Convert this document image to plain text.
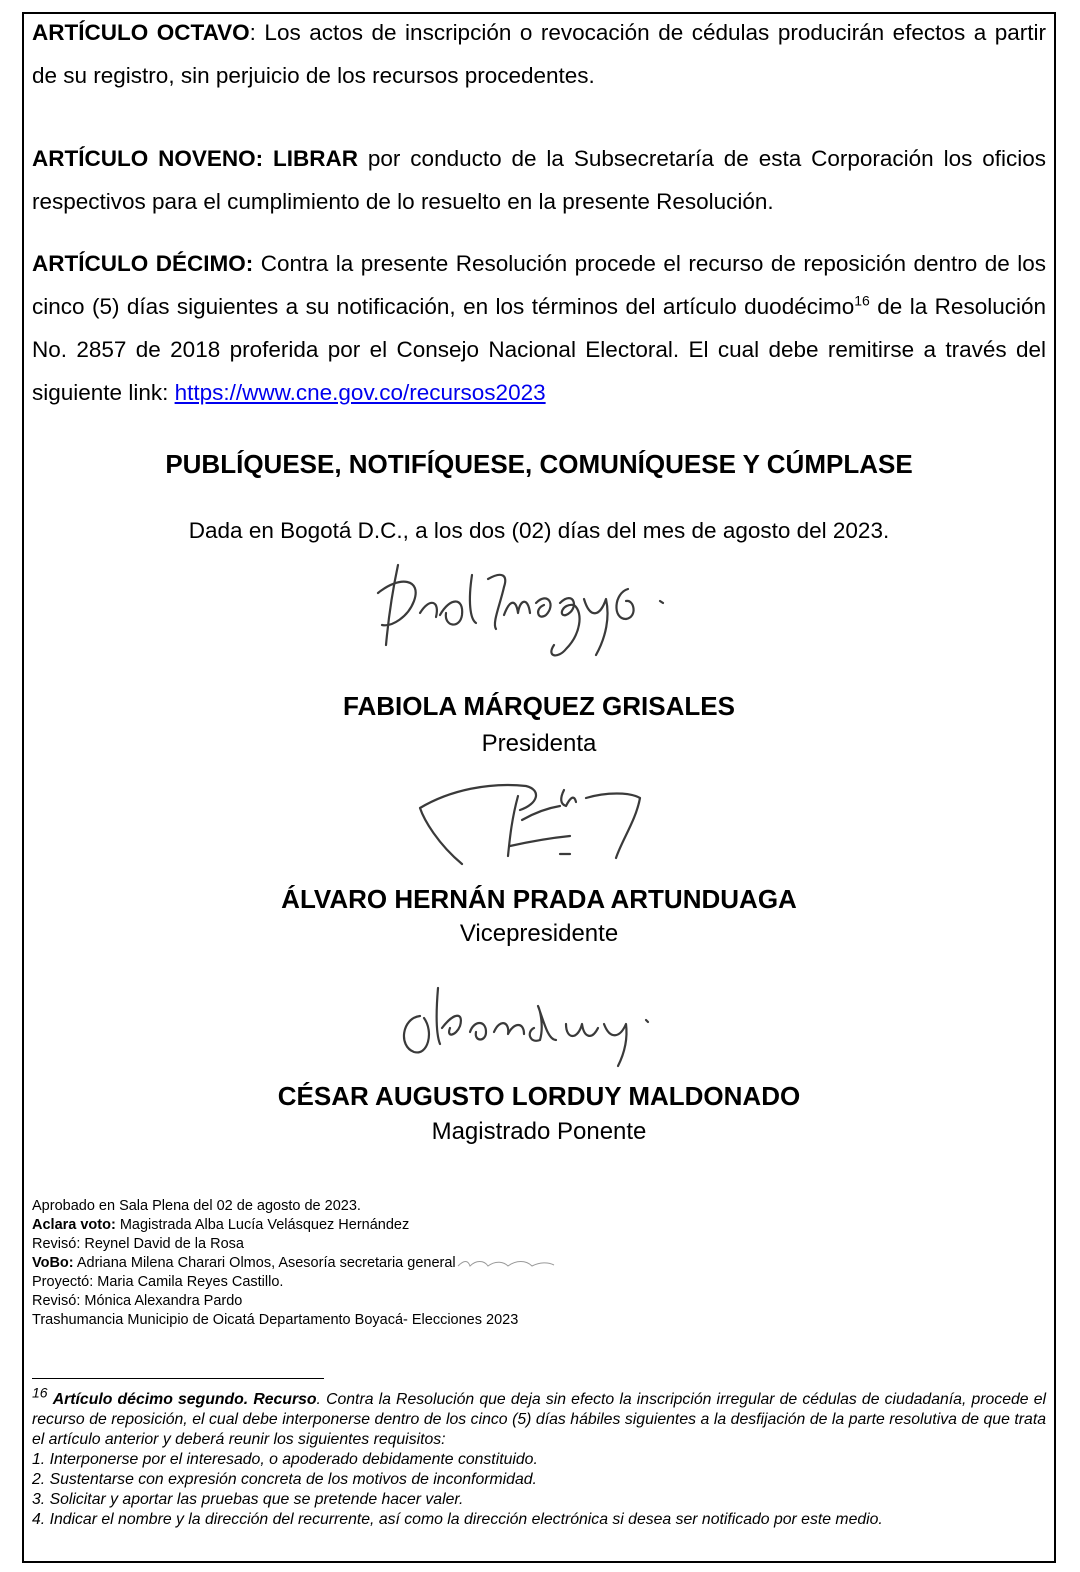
ARTÍCULO OCTAVO: Los actos de inscripción o revocación de cédulas producirán efectos a partir de su registro, sin perjuicio de los recursos procedentes.
ARTÍCULO NOVENO: LIBRAR por conducto de la Subsecretaría de esta Corporación los oficios respectivos para el cumplimiento de lo resuelto en la presente Resolución.
ARTÍCULO DÉCIMO: Contra la presente Resolución procede el recurso de reposición dentro de los cinco (5) días siguientes a su notificación, en los términos del artículo duodécimo$^{16}$ de la Resolución No. 2857 de 2018 proferida por el Consejo Nacional Electoral. El cual debe remitirse a través del siguiente link: https://www.cne.gov.co/recursos2023
PUBLÍQUESE, NOTIFÍQUESE, COMUNÍQUESE Y CÚMPLASE
Dada en Bogotá D.C., a los dos (02) días del mes de agosto del 2023.
FABIOLA MÁRQUEZ GRISALES
Presidenta
ÁLVARO HERNÁN PRADA ARTUNDUAGA
Vicepresidente
CÉSAR AUGUSTO LORDUY MALDONADO
Magistrado Ponente
Aprobado en Sala Plena del 02 de agosto de 2023.
Aclara voto: Magistrada Alba Lucía Velásquez Hernández
Revisó: Reynel David de la Rosa
VoBo: Adriana Milena Charari Olmos, Asesoría secretaria general
Proyectó: Maria Camila Reyes Castillo.
Revisó: Mónica Alexandra Pardo
Trashumancia Municipio de Oicatá Departamento Boyacá- Elecciones 2023
$^{16}$ Artículo décimo segundo. Recurso. Contra la Resolución que deja sin efecto la inscripción irregular de cédulas de ciudadanía, procede el recurso de reposición, el cual debe interponerse dentro de los cinco (5) días hábiles siguientes a la desfijación de la parte resolutiva de que trata el artículo anterior y deberá reunir los siguientes requisitos:
1. Interponerse por el interesado, o apoderado debidamente constituido.
2. Sustentarse con expresión concreta de los motivos de inconformidad.
3. Solicitar y aportar las pruebas que se pretende hacer valer.
4. Indicar el nombre y la dirección del recurrente, así como la dirección electrónica si desea ser notificado por este medio.
